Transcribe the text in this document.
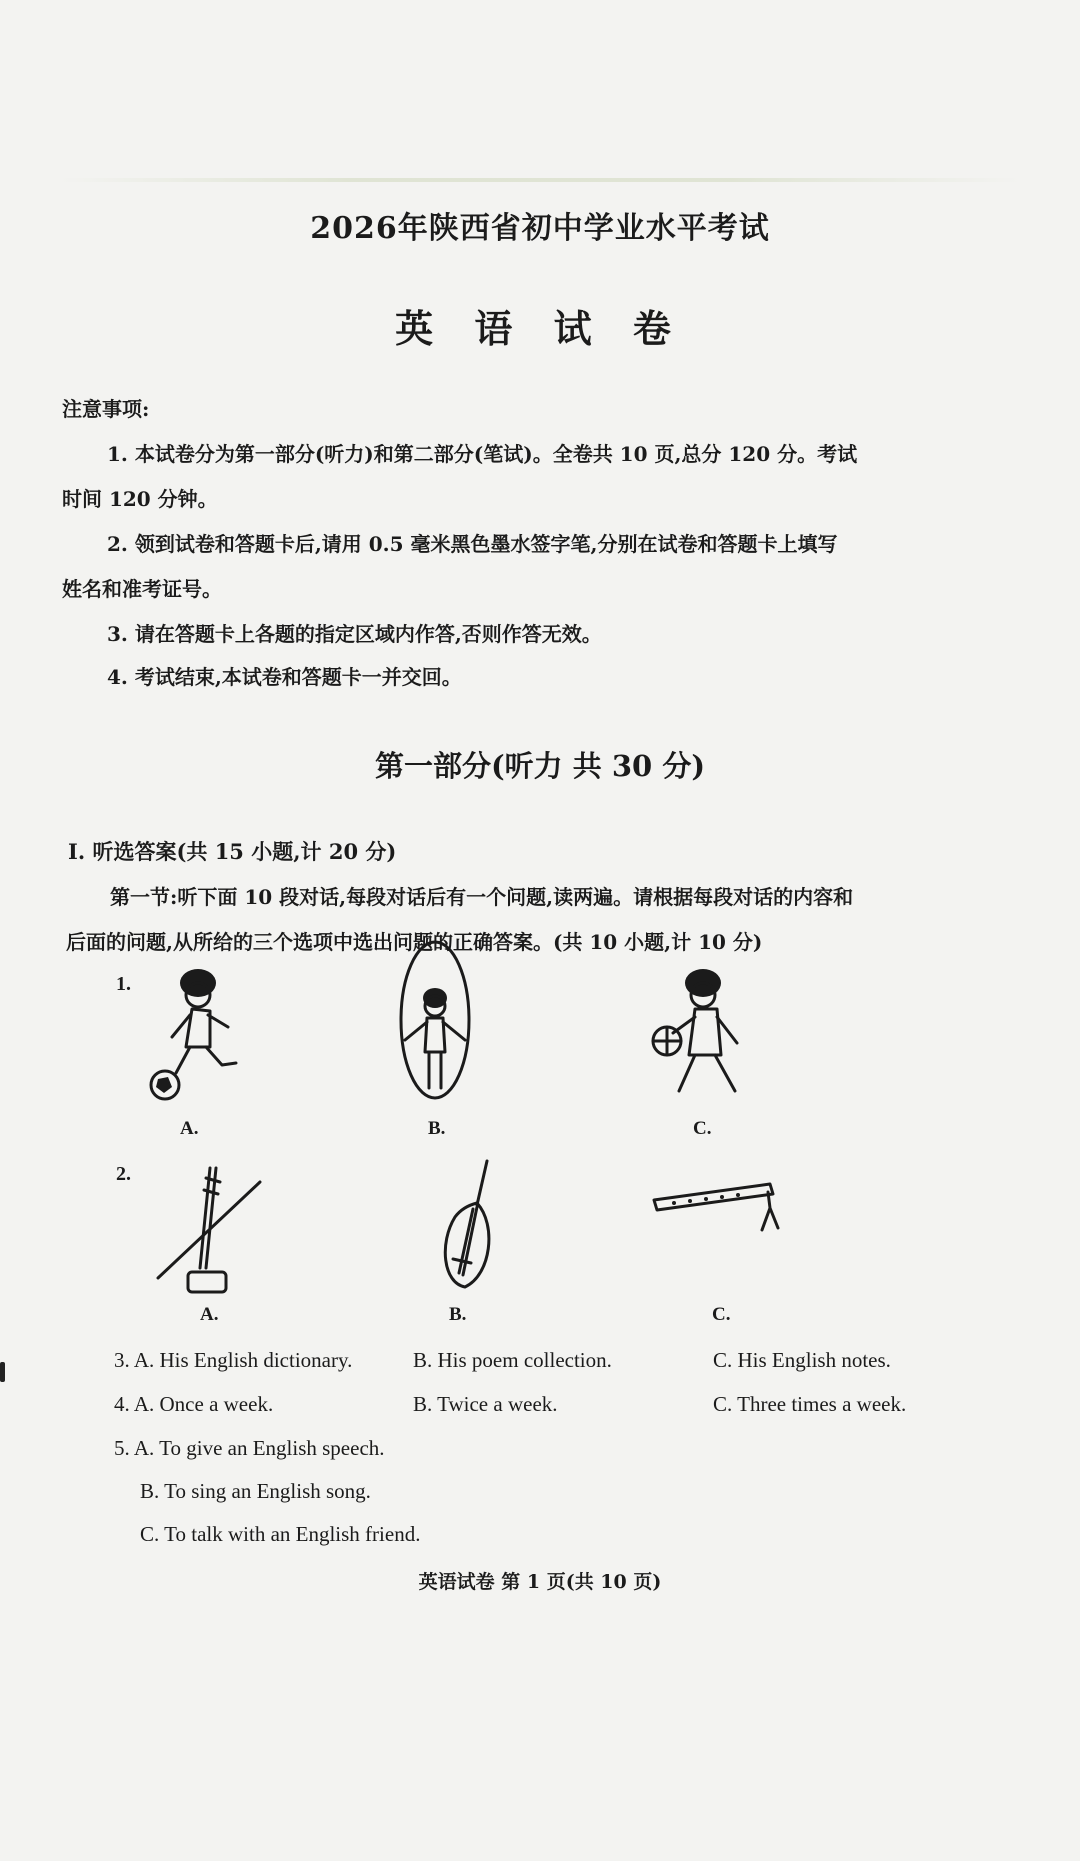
2026年陕西省初中学业水平考试
英 语 试 卷
注意事项:
1. 本试卷分为第一部分(听力)和第二部分(笔试)。全卷共 10 页,总分 120 分。考试
时间 120 分钟。
2. 领到试卷和答题卡后,请用 0.5 毫米黑色墨水签字笔,分别在试卷和答题卡上填写
姓名和准考证号。
3. 请在答题卡上各题的指定区域内作答,否则作答无效。
4. 考试结束,本试卷和答题卡一并交回。
第一部分(听力 共 30 分)
Ⅰ. 听选答案(共 15 小题,计 20 分)
第一节:听下面 10 段对话,每段对话后有一个问题,读两遍。请根据每段对话的内容和
后面的问题,从所给的三个选项中选出问题的正确答案。(共 10 小题,计 10 分)
1.
A.	B.	C.
2.
A.	B.	C.
3. A. His English dictionary.	B. His poem collection.	C. His English notes.
4. A. Once a week.	B. Twice a week.	C. Three times a week.
5. A. To give an English speech.
B. To sing an English song.
C. To talk with an English friend.
英语试卷 第 1 页(共 10 页)
